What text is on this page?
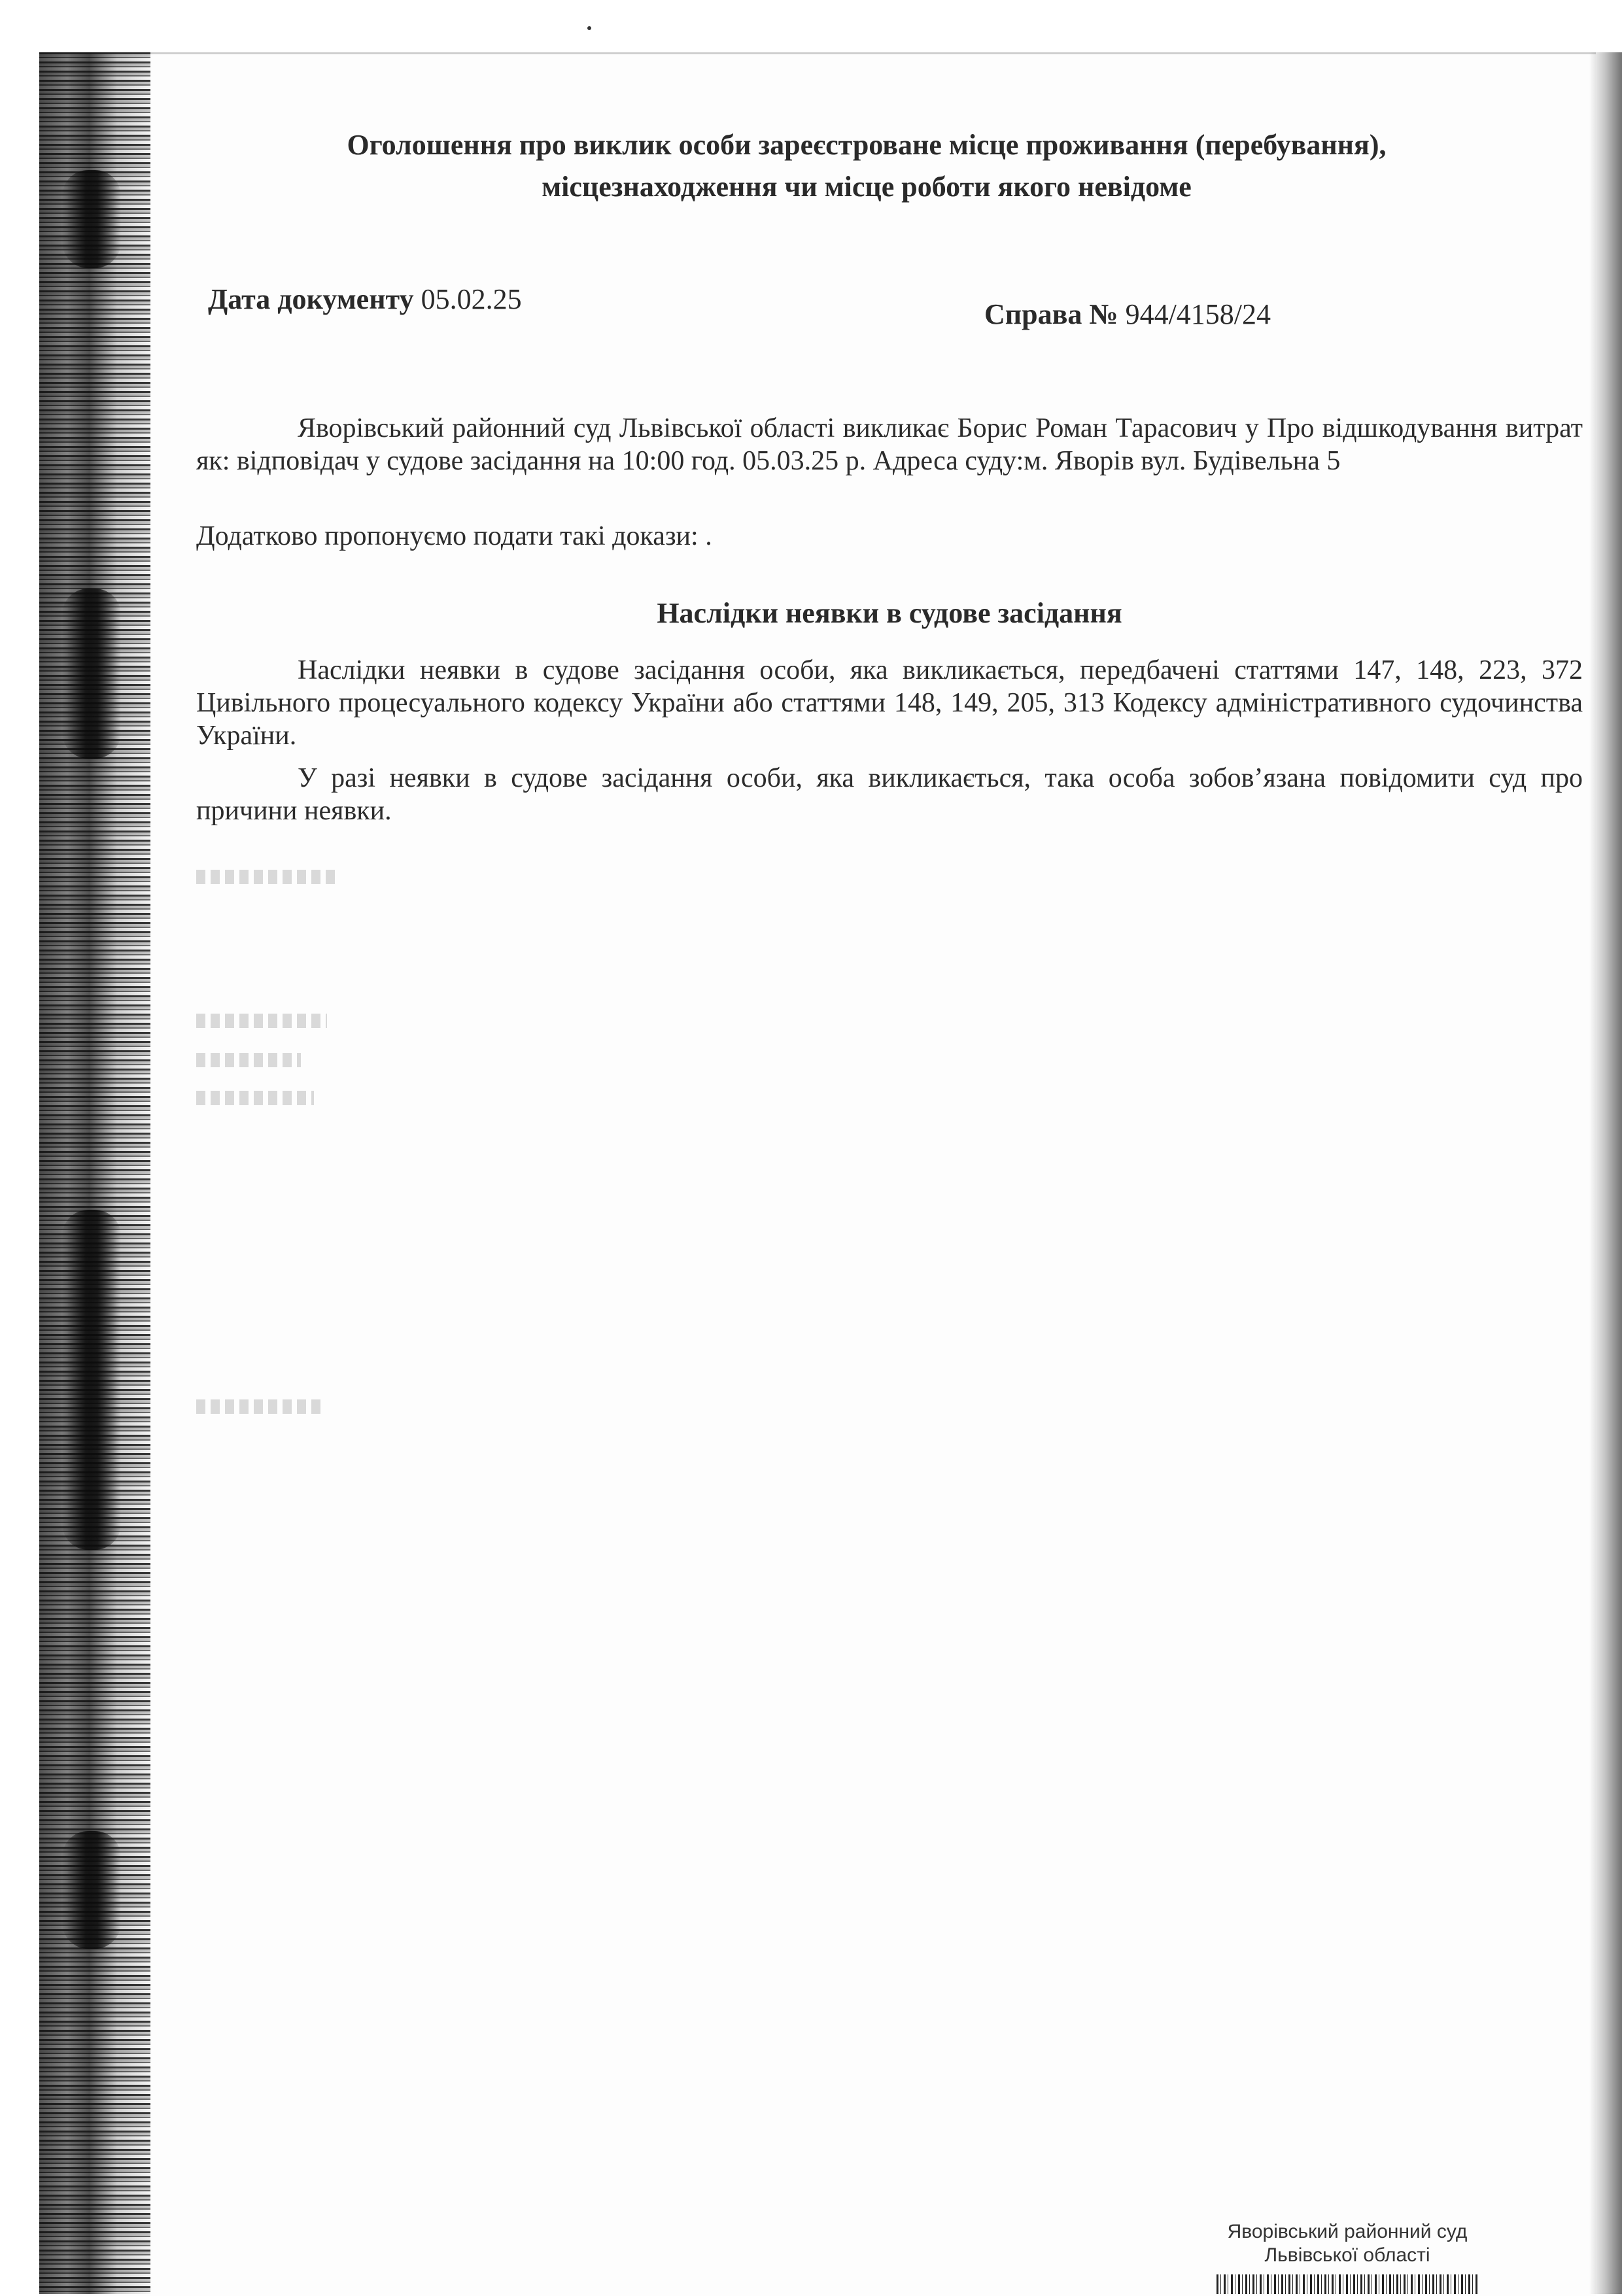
Оголошення про виклик особи зареєстроване місце проживання (перебування),
місцезнаходження чи місце роботи якого невідоме
Дата документу 05.02.25	Справа № 944/4158/24
Яворівський районний суд Львівської області викликає Борис Роман Тарасович у Про відшкодування витрат як: відповідач у судове засідання на 10:00 год. 05.03.25 р. Адреса суду:м. Яворів вул. Будівельна 5
Додатково пропонуємо подати такі докази: .
Наслідки неявки в судове засідання
Наслідки неявки в судове засідання особи, яка викликається, передбачені статтями 147, 148, 223, 372 Цивільного процесуального кодексу України або статтями 148, 149, 205, 313 Кодексу адміністративного судочинства України.
У разі неявки в судове засідання особи, яка викликається, така особа зобов’язана повідомити суд про причини неявки.
Яворівський районний суд
Львівської області
